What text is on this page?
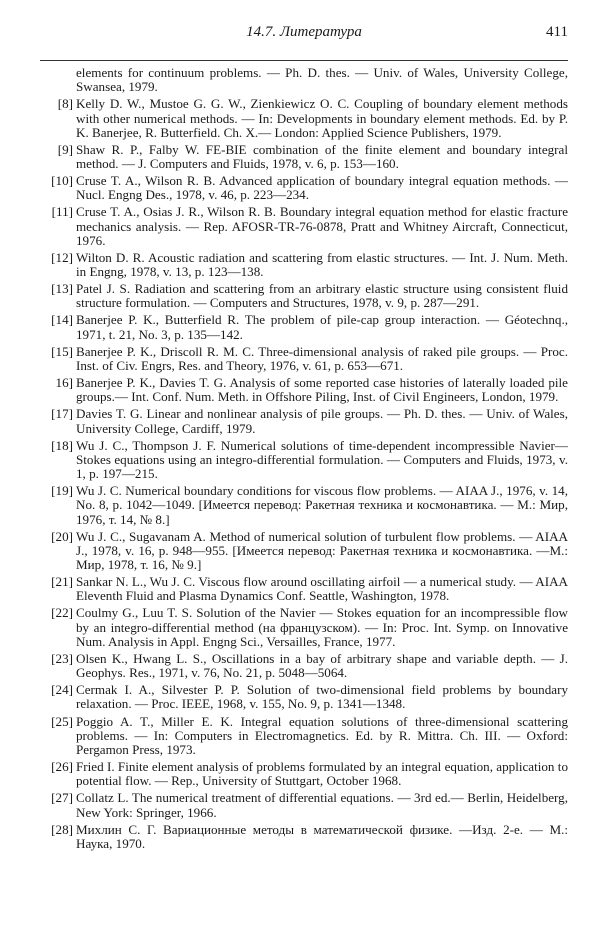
14.7. Литература	411
elements for continuum problems. — Ph. D. thes. — Univ. of Wales, University College, Swansea, 1979.
[8] Kelly D. W., Mustoe G. G. W., Zienkiewicz O. C. Coupling of boundary element methods with other numerical methods. — In: Developments in boundary element methods. Ed. by P. K. Banerjee, R. Butterfield. Ch. X.— London: Applied Science Publishers, 1979.
[9] Shaw R. P., Falby W. FE-BIE combination of the finite element and boundary integral method. — J. Computers and Fluids, 1978, v. 6, p. 153—160.
[10] Cruse T. A., Wilson R. B. Advanced application of boundary integral equation methods. — Nucl. Engng Des., 1978, v. 46, p. 223—234.
[11] Cruse T. A., Osias J. R., Wilson R. B. Boundary integral equation method for elastic fracture mechanics analysis. — Rep. AFOSR-TR-76-0878, Pratt and Whitney Aircraft, Connecticut, 1976.
[12] Wilton D. R. Acoustic radiation and scattering from elastic structures. — Int. J. Num. Meth. in Engng, 1978, v. 13, p. 123—138.
[13] Patel J. S. Radiation and scattering from an arbitrary elastic structure using consistent fluid structure formulation. — Computers and Structures, 1978, v. 9, p. 287—291.
[14] Banerjee P. K., Butterfield R. The problem of pile-cap group interaction. — Géotechnq., 1971, t. 21, No. 3, p. 135—142.
[15] Banerjee P. K., Driscoll R. M. C. Three-dimensional analysis of raked pile groups. — Proc. Inst. of Civ. Engrs, Res. and Theory, 1976, v. 61, p. 653—671.
16] Banerjee P. K., Davies T. G. Analysis of some reported case histories of laterally loaded pile groups.— Int. Conf. Num. Meth. in Offshore Piling, Inst. of Civil Engineers, London, 1979.
[17] Davies T. G. Linear and nonlinear analysis of pile groups. — Ph. D. thes. — Univ. of Wales, University College, Cardiff, 1979.
[18] Wu J. C., Thompson J. F. Numerical solutions of time-dependent incompressible Navier—Stokes equations using an integro-differential formulation. — Computers and Fluids, 1973, v. 1, p. 197—215.
[19] Wu J. C. Numerical boundary conditions for viscous flow problems. — AIAA J., 1976, v. 14, No. 8, p. 1042—1049. [Имеется перевод: Ракетная техника и космонавтика. — М.: Мир, 1976, т. 14, № 8.]
[20] Wu J. C., Sugavanam A. Method of numerical solution of turbulent flow problems. — AIAA J., 1978, v. 16, p. 948—955. [Имеется перевод: Ракетная техника и космонавтика. —М.: Мир, 1978, т. 16, № 9.]
[21] Sankar N. L., Wu J. C. Viscous flow around oscillating airfoil — a numerical study. — AIAA Eleventh Fluid and Plasma Dynamics Conf. Seattle, Washington, 1978.
[22] Coulmy G., Luu T. S. Solution of the Navier — Stokes equation for an incompressible flow by an integro-differential method (на французском). — In: Proc. Int. Symp. on Innovative Num. Analysis in Appl. Engng Sci., Versailles, France, 1977.
[23] Olsen K., Hwang L. S., Oscillations in a bay of arbitrary shape and variable depth. — J. Geophys. Res., 1971, v. 76, No. 21, p. 5048—5064.
[24] Cermak I. A., Silvester P. P. Solution of two-dimensional field problems by boundary relaxation. — Proc. IEEE, 1968, v. 155, No. 9, p. 1341—1348.
[25] Poggio A. T., Miller E. K. Integral equation solutions of three-dimensional scattering problems. — In: Computers in Electromagnetics. Ed. by R. Mittra. Ch. III. — Oxford: Pergamon Press, 1973.
[26] Fried I. Finite element analysis of problems formulated by an integral equation, application to potential flow. — Rep., University of Stuttgart, October 1968.
[27] Collatz L. The numerical treatment of differential equations. — 3rd ed.— Berlin, Heidelberg, New York: Springer, 1966.
[28] Михлин С. Г. Вариационные методы в математической физике. —Изд. 2-е. — М.: Наука, 1970.
